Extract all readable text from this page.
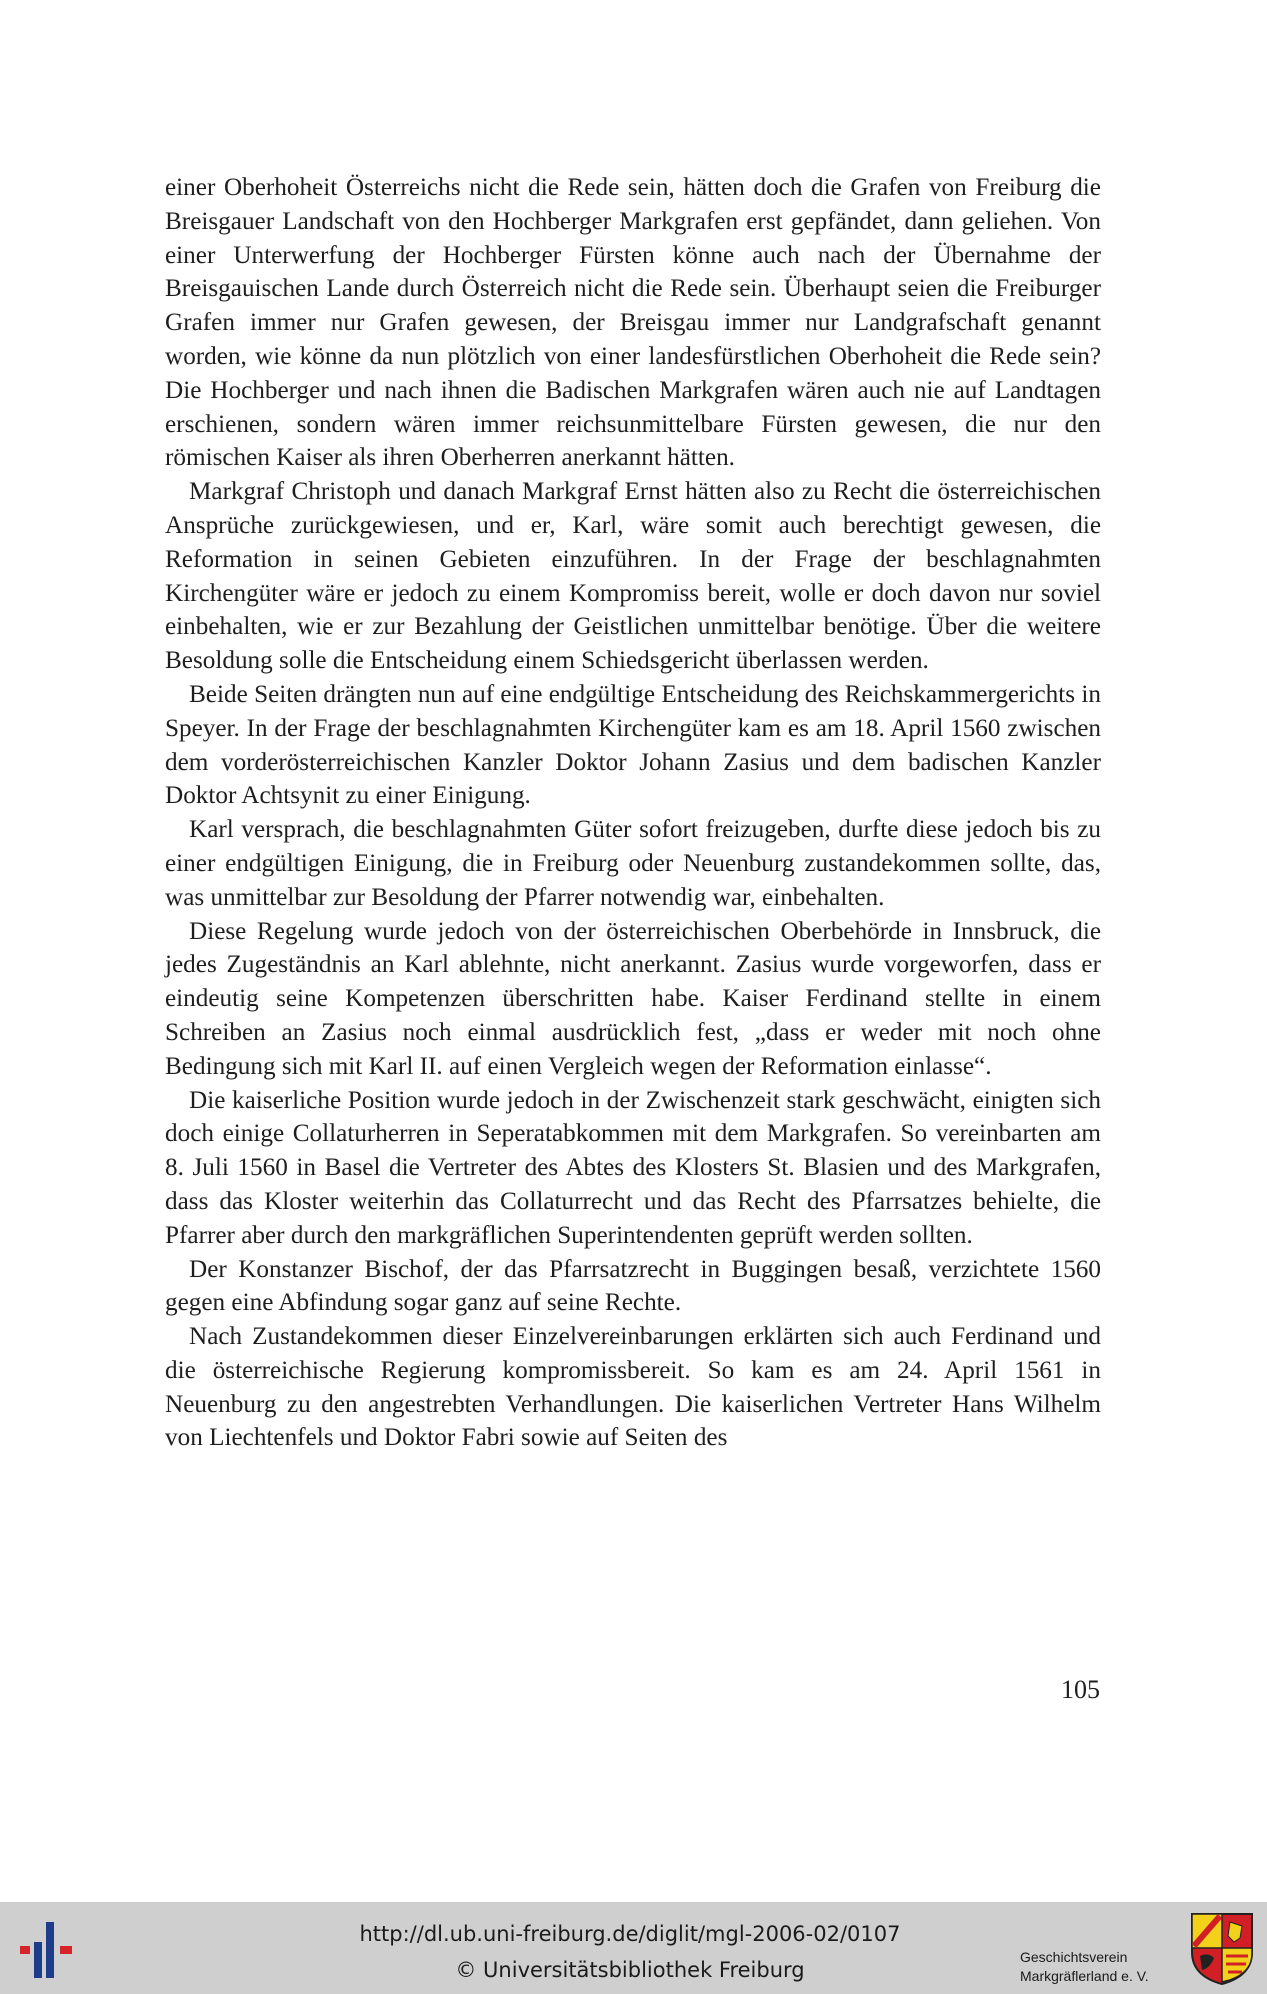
einer Oberhoheit Österreichs nicht die Rede sein, hätten doch die Grafen von Freiburg die Breisgauer Landschaft von den Hochberger Markgrafen erst gepfändet, dann geliehen. Von einer Unterwerfung der Hochberger Fürsten könne auch nach der Übernahme der Breisgauischen Lande durch Österreich nicht die Rede sein. Überhaupt seien die Freiburger Grafen immer nur Grafen gewesen, der Breisgau immer nur Landgrafschaft genannt worden, wie könne da nun plötzlich von einer landesfürstlichen Oberhoheit die Rede sein? Die Hochberger und nach ihnen die Badischen Markgrafen wären auch nie auf Landtagen erschienen, sondern wären immer reichsunmittelbare Fürsten gewesen, die nur den römischen Kaiser als ihren Oberherren anerkannt hätten.

Markgraf Christoph und danach Markgraf Ernst hätten also zu Recht die österreichischen Ansprüche zurückgewiesen, und er, Karl, wäre somit auch berechtigt gewesen, die Reformation in seinen Gebieten einzuführen. In der Frage der beschlagnahmten Kirchengüter wäre er jedoch zu einem Kompromiss bereit, wolle er doch davon nur soviel einbehalten, wie er zur Bezahlung der Geistlichen unmittelbar benötige. Über die weitere Besoldung solle die Entscheidung einem Schiedsgericht überlassen werden.

Beide Seiten drängten nun auf eine endgültige Entscheidung des Reichskammergerichts in Speyer. In der Frage der beschlagnahmten Kirchengüter kam es am 18. April 1560 zwischen dem vorderösterreichischen Kanzler Doktor Johann Zasius und dem badischen Kanzler Doktor Achtsynit zu einer Einigung.

Karl versprach, die beschlagnahmten Güter sofort freizugeben, durfte diese jedoch bis zu einer endgültigen Einigung, die in Freiburg oder Neuenburg zustandekommen sollte, das, was unmittelbar zur Besoldung der Pfarrer notwendig war, einbehalten.

Diese Regelung wurde jedoch von der österreichischen Oberbehörde in Innsbruck, die jedes Zugeständnis an Karl ablehnte, nicht anerkannt. Zasius wurde vorgeworfen, dass er eindeutig seine Kompetenzen überschritten habe. Kaiser Ferdinand stellte in einem Schreiben an Zasius noch einmal ausdrücklich fest, „dass er weder mit noch ohne Bedingung sich mit Karl II. auf einen Vergleich wegen der Reformation einlasse“.

Die kaiserliche Position wurde jedoch in der Zwischenzeit stark geschwächt, einigten sich doch einige Collaturherren in Seperatabkommen mit dem Markgrafen. So vereinbarten am 8. Juli 1560 in Basel die Vertreter des Abtes des Klosters St. Blasien und des Markgrafen, dass das Kloster weiterhin das Collaturrecht und das Recht des Pfarrsatzes behielte, die Pfarrer aber durch den markgräflichen Superintendenten geprüft werden sollten.

Der Konstanzer Bischof, der das Pfarrsatzrecht in Buggingen besaß, verzichtete 1560 gegen eine Abfindung sogar ganz auf seine Rechte.

Nach Zustandekommen dieser Einzelvereinbarungen erklärten sich auch Ferdinand und die österreichische Regierung kompromissbereit. So kam es am 24. April 1561 in Neuenburg zu den angestrebten Verhandlungen. Die kaiserlichen Vertreter Hans Wilhelm von Liechtenfels und Doktor Fabri sowie auf Seiten des

105
http://dl.ub.uni-freiburg.de/diglit/mgl-2006-02/0107
© Universitätsbibliothek Freiburg
Geschichtsverein
Markgräflerland e. V.
